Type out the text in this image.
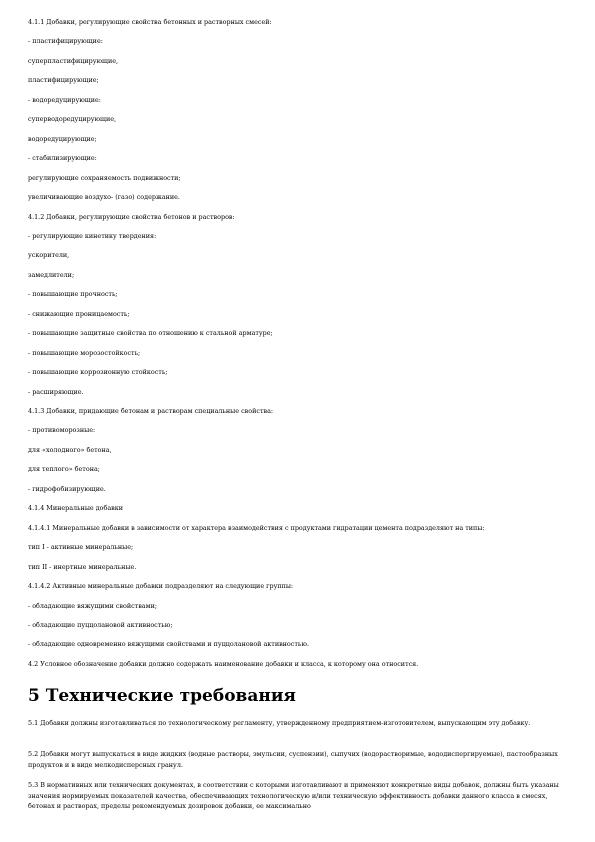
4.1.1 Добавки, регулирующие свойства бетонных и растворных смесей:
- пластифицирующие:
суперпластифицирующие,
пластифицирующие;
- водоредуцирующие:
суперводоредуцирующие,
водоредуцирующие;
- стабилизирующие:
регулирующие сохраняемость подвижности;
увеличивающие воздухо- (газо) содержание.
4.1.2 Добавки, регулирующие свойства бетонов и растворов:
- регулирующие кинетику твердения:
ускорители,
замедлители;
- повышающие прочность;
- снижающие проницаемость;
- повышающие защитные свойства по отношению к стальной арматуре;
- повышающие морозостойкость;
- повышающие коррозионную стойкость;
- расширяющие.
4.1.3 Добавки, придающие бетонам и растворам специальные свойства:
- противоморозные:
для «холодного» бетона,
для теплого» бетона;
- гидрофобизирующие.
4.1.4 Минеральные добавки
4.1.4.1 Минеральные добавки в зависимости от характера взаимодействия с продуктами гидратации цемента подразделяют на типы:
тип I - активные минеральные;
тип II - инертные минеральные.
4.1.4.2 Активные минеральные добавки подразделяют на следующие группы:
- обладающие вяжущими свойствами;
- обладающие пуццолановой активностью;
- обладающие одновременно вяжущими свойствами и пуццолановой активностью.
4.2 Условное обозначение добавки должно содержать наименование добавки и класса, к которому она относится.
5 Технические требования
5.1 Добавки должны изготавливаться по технологическому регламенту, утвержденному предприятием-изготовителем, выпускающим эту добавку.
5.2 Добавки могут выпускаться в виде жидких (водные растворы, эмульсии, суспензии), сыпучих (водорастворимые, вододиспергируемые), пастообразных продуктов и в виде мелкодисперсных гранул.
5.3 В нормативных или технических документах, в соответствии с которыми изготавливают и применяют конкретные виды добавок, должны быть указаны значения нормируемых показателей качества, обеспечивающих технологическую и/или техническую эффективность добавки данного класса в смесях, бетонах и растворах, пределы рекомендуемых дозировок добавки, ее максимально
